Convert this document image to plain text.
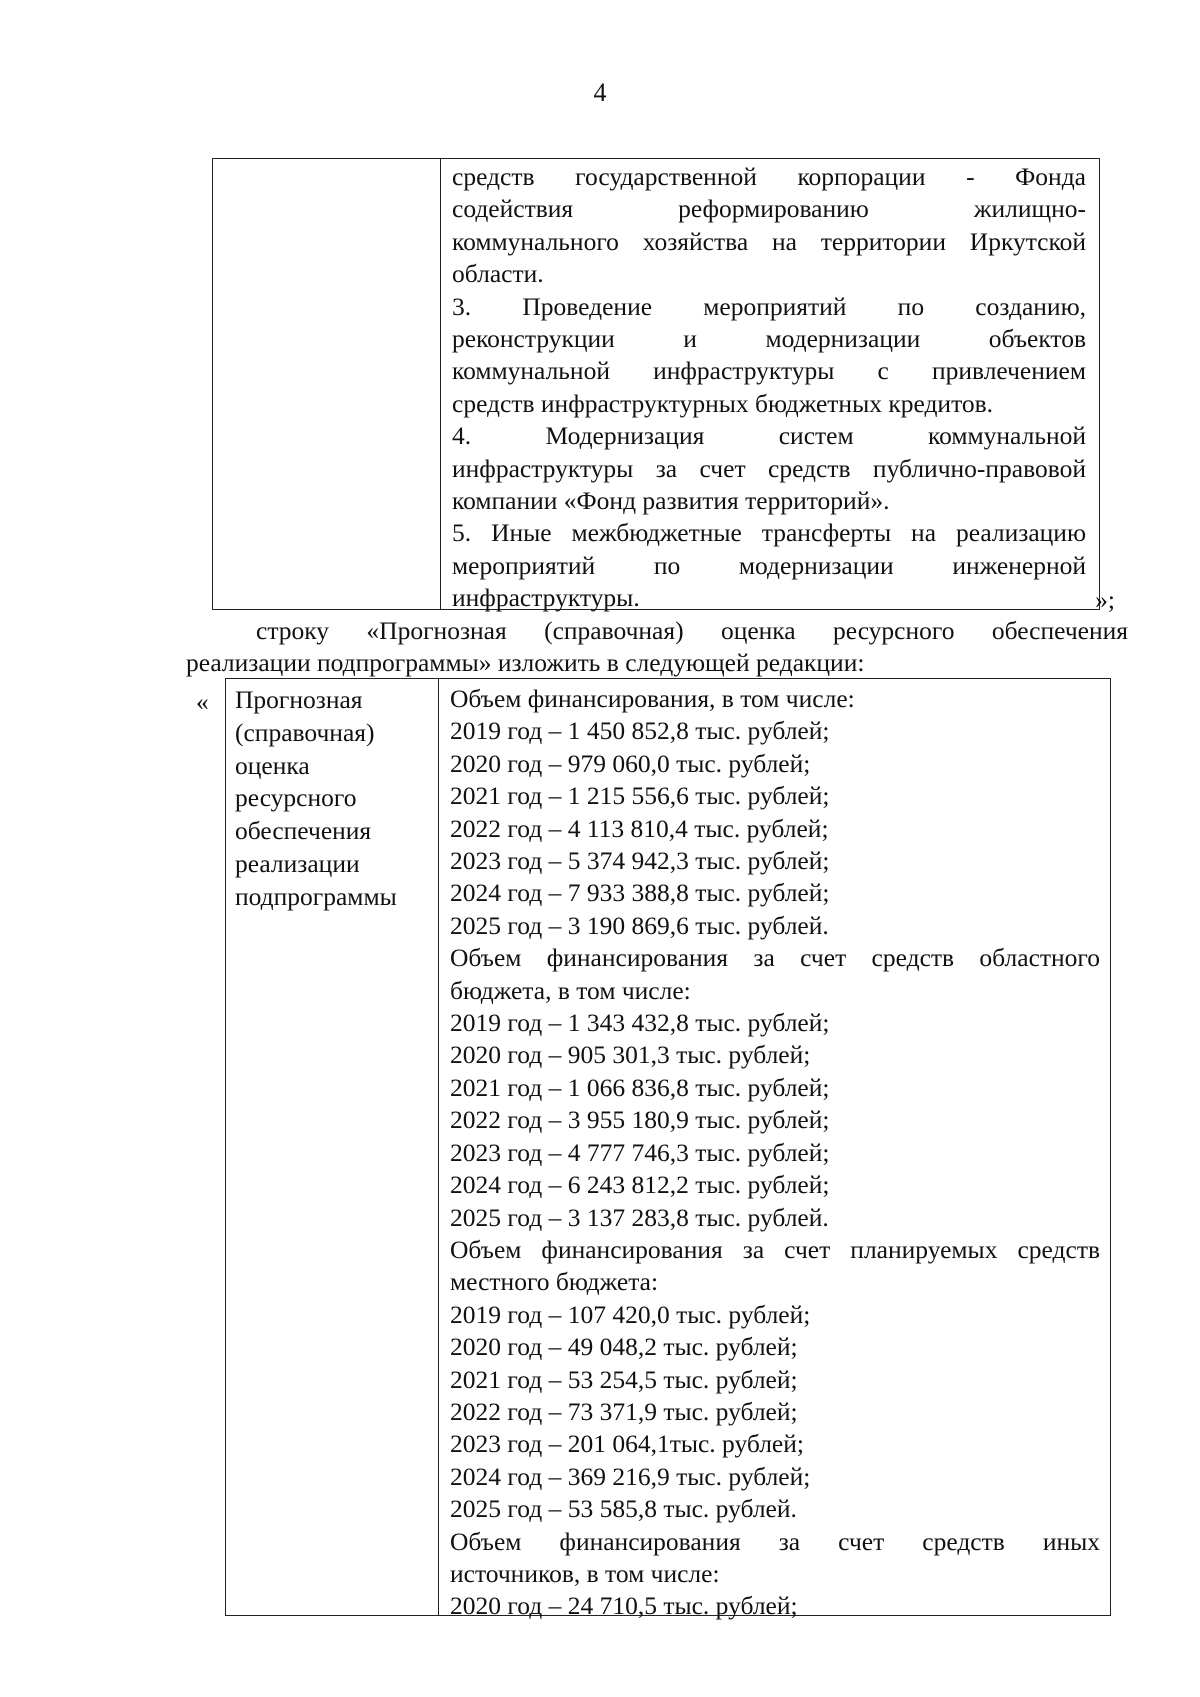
4
средств государственной корпорации - Фонда
содействия реформированию жилищно-
коммунального хозяйства на территории Иркутской
области.
3. Проведение мероприятий по созданию,
реконструкции и модернизации объектов
коммунальной инфраструктуры с привлечением
средств инфраструктурных бюджетных кредитов.
4. Модернизация систем коммунальной
инфраструктуры за счет средств публично-правовой
компании «Фонд развития территорий».
5. Иные межбюджетные трансферты на реализацию
мероприятий по модернизации инженерной
инфраструктуры.	»;
строку «Прогнозная (справочная) оценка ресурсного обеспечения
реализации подпрограммы» изложить в следующей редакции:
« Прогнозная
(справочная)
оценка
ресурсного
обеспечения
реализации
подпрограммы
Объем финансирования, в том числе:
2019 год – 1 450 852,8 тыс. рублей;
2020 год – 979 060,0 тыс. рублей;
2021 год – 1 215 556,6 тыс. рублей;
2022 год – 4 113 810,4 тыс. рублей;
2023 год – 5 374 942,3 тыс. рублей;
2024 год – 7 933 388,8 тыс. рублей;
2025 год – 3 190 869,6 тыс. рублей.
Объем финансирования за счет средств областного
бюджета, в том числе:
2019 год – 1 343 432,8 тыс. рублей;
2020 год – 905 301,3 тыс. рублей;
2021 год – 1 066 836,8 тыс. рублей;
2022 год – 3 955 180,9 тыс. рублей;
2023 год – 4 777 746,3 тыс. рублей;
2024 год – 6 243 812,2 тыс. рублей;
2025 год – 3 137 283,8 тыс. рублей.
Объем финансирования за счет планируемых средств
местного бюджета:
2019 год – 107 420,0 тыс. рублей;
2020 год – 49 048,2 тыс. рублей;
2021 год – 53 254,5 тыс. рублей;
2022 год – 73 371,9 тыс. рублей;
2023 год – 201 064,1тыс. рублей;
2024 год – 369 216,9 тыс. рублей;
2025 год – 53 585,8 тыс. рублей.
Объем финансирования за счет средств иных
источников, в том числе:
2020 год – 24 710,5 тыс. рублей;
